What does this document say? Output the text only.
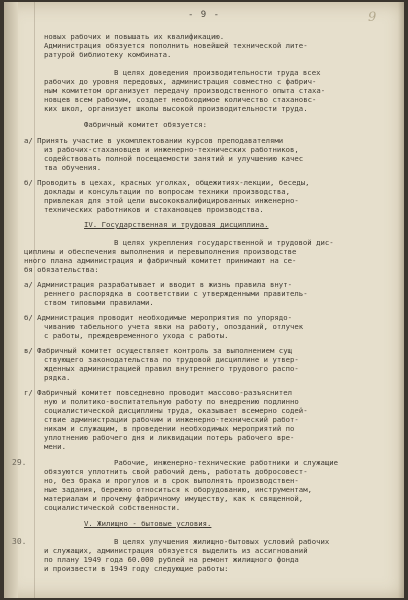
- 9 -	9
29.
30.
новых рабочих и повышать их квалификацию.
Администрация обязуется пополнить новейшей технической лите-
ратурой библиотеку комбината.
В целях доведения производительности труда всех
рабочих до уровня передовых, администрация совместно с фабрич-
ным комитетом организует передачу производственного опыта стаха-
новцев всем рабочим, создает необходимое количество стахановс-
ких школ, организует школы высокой производительности труда.
Фабричный комитет обязуется:
а/ Принять участие в укомплектовании курсов преподавателями
из рабочих-стахановцев и инженерно-технических работников,
содействовать полной посещаемости занятий и улучшению качес
тва обучения.
б/ Проводить в цехах, красных уголках, общежитиях-лекции, беседы,
доклады и консультации по вопросам техники производства,
привлекая для этой цели высококвалифицированных инженерно-
технических работников и стахановцев производства.
IV. Государственная и трудовая дисциплина.
В целях укрепления государственной и трудовой дис-
циплины и обеспечения выполнения и перевыполнения производстве
нного плана администрация и фабричный комитет принимают на се-
бя обязательства:
а/ Администрация разрабатывает и вводит в жизнь правила внут-
реннего распорядка в соответствии с утвержденными правитель-
ством типовыми правилами.
б/ Администрация проводит необходимые мероприятия по упорядо-
чиванию табельного учета явки на работу, опозданий, отлучек
с работы, преждевременного ухода с работы.
в/ Фабричный комитет осуществляет контроль за выполнением сущ
ствующего законодательства по трудовой дисциплине и утвер-
жденных администрацией правил внутреннего трудового распо-
рядка.
г/ Фабричный комитет повседневно проводит массово-разъяснител
ную и политико-воспитательную работу по внедрению подлинно
социалистической дисциплины труда, оказывает всемерно содей-
ствие администрации рабочим и инженерно-технический работ-
никам и служащим, в проведении необходимых мероприятий по
уплотнению рабочего дня и ликвидации потерь рабочего вре-
мени.
Рабочие, инженерно-технические работники и служащие
обязуются уплотнить свой рабочий день, работать добросовест-
но, без брака и прогулов и в срок выполнять производствен-
ные задания, бережно относиться к оборудованию, инструментам,
материалам и прочему фабричному имуществу, как к священной,
социалистической собственности.
V. Жилищно - бытовые условия.
В целях улучшения жилищно-бытовых условий рабочих
и служащих, администрация обязуется выделить из ассигнований
по плану 1949 года 60.000 рублей на ремонт жилищного фонда
и произвести в 1949 году следующие работы:
